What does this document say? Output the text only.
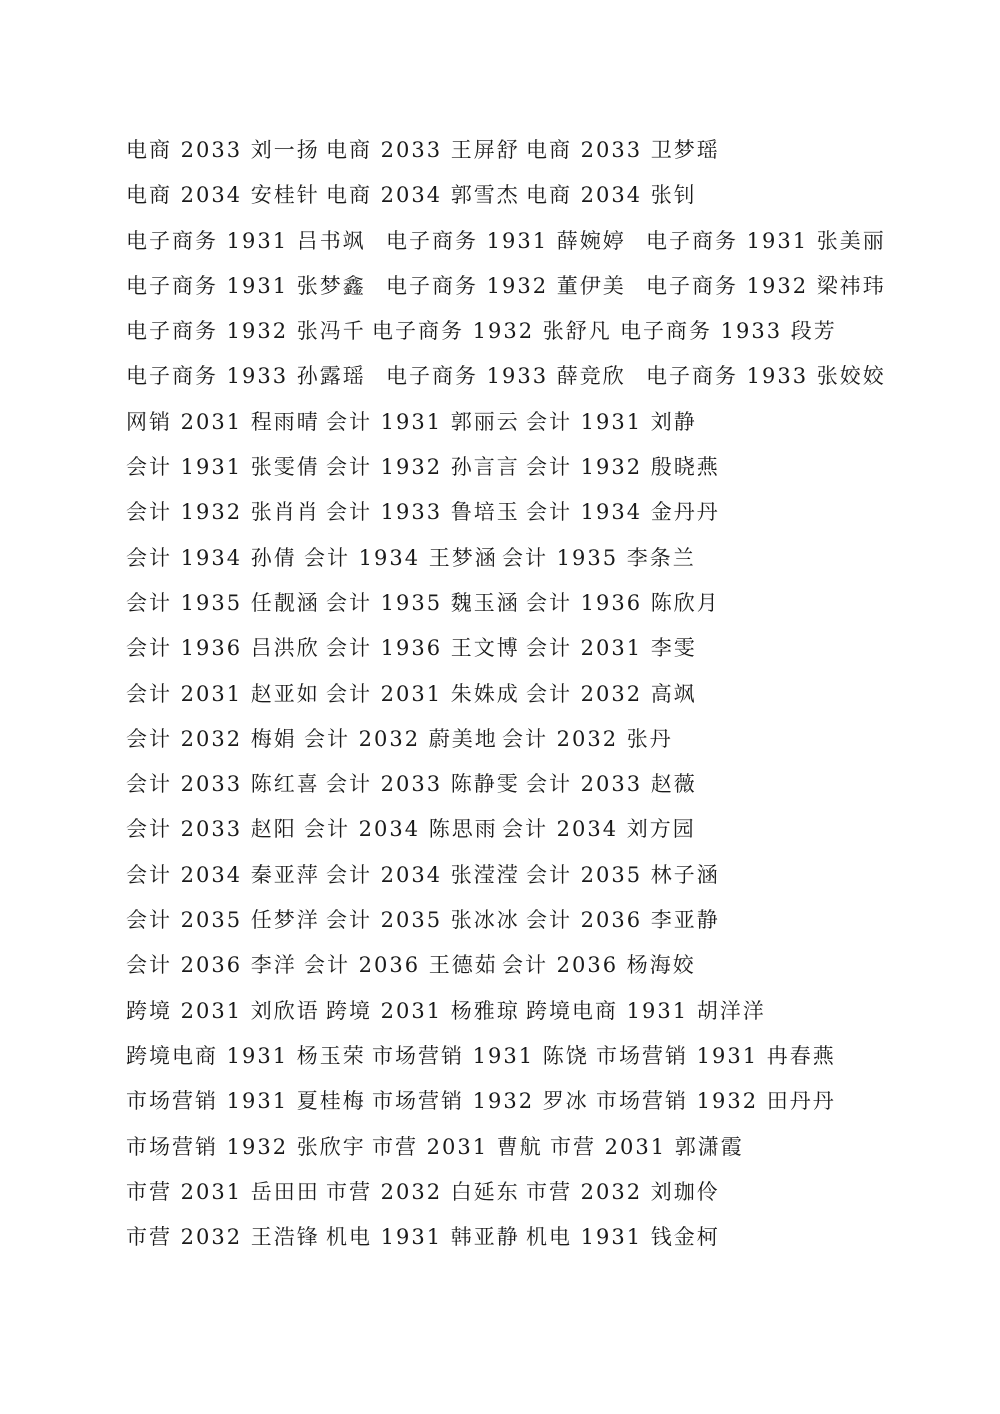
电商 2033 刘一扬 电商 2033 王屏舒 电商 2033 卫梦瑶
电商 2034 安桂针 电商 2034 郭雪杰 电商 2034 张钊
电子商务 1931 吕书飒 电子商务 1931 薛婉婷 电子商务 1931 张美丽
电子商务 1931 张梦鑫 电子商务 1932 董伊美 电子商务 1932 梁祎玮
电子商务 1932 张冯千 电子商务 1932 张舒凡 电子商务 1933 段芳
电子商务 1933 孙露瑶 电子商务 1933 薛竞欣 电子商务 1933 张姣姣
网销 2031 程雨晴 会计 1931 郭丽云 会计 1931 刘静
会计 1931 张雯倩 会计 1932 孙言言 会计 1932 殷晓燕
会计 1932 张肖肖 会计 1933 鲁培玉 会计 1934 金丹丹
会计 1934 孙倩 会计 1934 王梦涵 会计 1935 李条兰
会计 1935 任靓涵 会计 1935 魏玉涵 会计 1936 陈欣月
会计 1936 吕洪欣 会计 1936 王文博 会计 2031 李雯
会计 2031 赵亚如 会计 2031 朱姝成 会计 2032 高飒
会计 2032 梅娟 会计 2032 蔚美地 会计 2032 张丹
会计 2033 陈红喜 会计 2033 陈静雯 会计 2033 赵薇
会计 2033 赵阳 会计 2034 陈思雨 会计 2034 刘方园
会计 2034 秦亚萍 会计 2034 张滢滢 会计 2035 林子涵
会计 2035 任梦洋 会计 2035 张冰冰 会计 2036 李亚静
会计 2036 李洋 会计 2036 王德茹 会计 2036 杨海姣
跨境 2031 刘欣语 跨境 2031 杨雅琼 跨境电商 1931 胡洋洋
跨境电商 1931 杨玉荣 市场营销 1931 陈饶 市场营销 1931 冉春燕
市场营销 1931 夏桂梅 市场营销 1932 罗冰 市场营销 1932 田丹丹
市场营销 1932 张欣宇 市营 2031 曹航 市营 2031 郭潇霞
市营 2031 岳田田 市营 2032 白延东 市营 2032 刘珈伶
市营 2032 王浩锋 机电 1931 韩亚静 机电 1931 钱金柯
